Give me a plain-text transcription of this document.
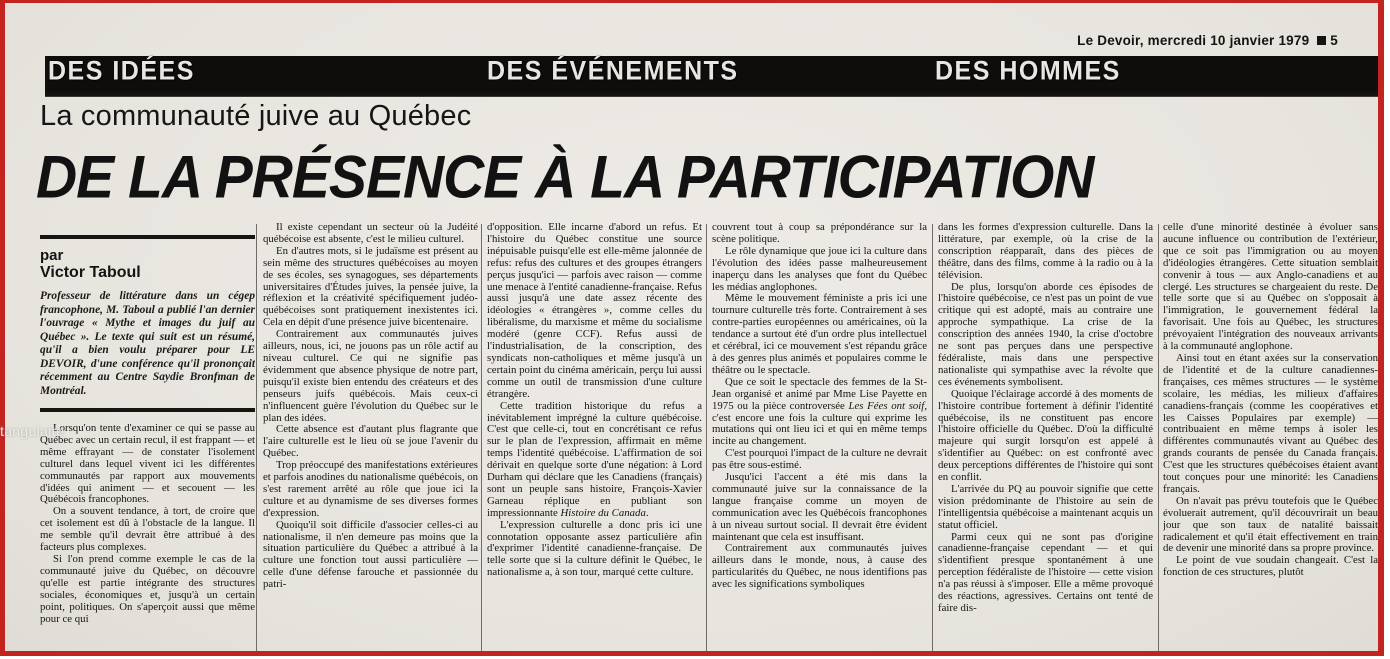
Le Devoir, mercredi 10 janvier 1979 5
DES IDÉES	DES ÉVÉNEMENTS	DES HOMMES
La communauté juive au Québec
DE LA PRÉSENCE À LA PARTICIPATION
par
Victor Taboul
Professeur de littérature dans un cégep francophone, M. Taboul a publié l'an dernier l'ouvrage « Mythe et images du juif au Québec ». Le texte qui suit est un résumé, qu'il a bien voulu préparer pour LE DEVOIR, d'une conférence qu'il prononçait récemment au Centre Saydie Bronfman de Montréal.

Lorsqu'on tente d'examiner ce qui se passe au Québec avec un certain recul, il est frappant — et même effrayant — de constater l'isolement culturel dans lequel vivent ici les différentes communautés par rapport aux mouvements d'idées qui animent — et secouent — les Québécois francophones.

On a souvent tendance, à tort, de croire que cet isolement est dû à l'obstacle de la langue. Il me semble qu'il devrait être attribué à des facteurs plus complexes.

Si l'on prend comme exemple le cas de la communauté juive du Québec, on découvre qu'elle est partie intégrante des structures sociales, économiques et, jusqu'à un certain point, politiques. On s'aperçoit aussi que même pour ce qui

Il existe cependant un secteur où la Judéité québécoise est absente, c'est le milieu culturel.

En d'autres mots, si le judaïsme est présent au sein même des structures québécoises au moyen de ses écoles, ses synagogues, ses départements universitaires d'Études juives, la pensée juive, la réflexion et la créativité spécifiquement judéo-québécoises sont pratiquement inexistentes ici. Cela en dépit d'une présence juive bicentenaire.

Contrairement aux communautés juives ailleurs, nous, ici, ne jouons pas un rôle actif au niveau culturel. Ce qui ne signifie pas évidemment que absence physique de notre part, puisqu'il existe bien entendu des créateurs et des penseurs juifs québécois. Mais ceux-ci n'influencent guère l'évolution du Québec sur le plan des idées.

Cette absence est d'autant plus flagrante que l'aire culturelle est le lieu où se joue l'avenir du Québec.

Trop préoccupé des manifestations extérieures et parfois anodines du nationalisme québécois, on s'est rarement arrêté au rôle que joue ici la culture et au dynamisme de ses diverses formes d'expression.

Quoiqu'il soit difficile d'associer celles-ci au nationalisme, il n'en demeure pas moins que la situation particulière du Québec a attribué à la culture une fonction tout aussi particulière — celle d'une défense farouche et passionnée du patri-

d'opposition. Elle incarne d'abord un refus. Et l'histoire du Québec constitue une source inépuisable puisqu'elle est elle-même jalonnée de refus: refus des cultures et des groupes étrangers perçus jusqu'ici — parfois avec raison — comme une menace à l'entité canadienne-française. Refus aussi jusqu'à une date assez récente des idéologies « étrangères », comme celles du libéralisme, du marxisme et même du socialisme modéré (genre CCF). Refus aussi de l'industrialisation, de la conscription, des syndicats non-catholiques et même jusqu'à un certain point du cinéma américain, perçu lui aussi comme un outil de transmission d'une culture étrangère.

Cette tradition historique du refus a inévitablement imprégné la culture québécoise. C'est que celle-ci, tout en concrétisant ce refus sur le plan de l'expression, affirmait en même temps l'identité québécoise. L'affirmation de soi dérivait en quelque sorte d'une négation: à Lord Durham qui déclare que les Canadiens (français) sont un peuple sans histoire, François-Xavier Garneau réplique en publiant son impressionnante Histoire du Canada.

L'expression culturelle a donc pris ici une connotation opposante assez particulière afin d'exprimer l'identité canadienne-française. De telle sorte que si la culture définit le Québec, le nationalisme a, à son tour, marqué cette culture.

couvrent tout à coup sa prépondérance sur la scène politique.

Le rôle dynamique que joue ici la culture dans l'évolution des idées passe malheureusement inaperçu dans les analyses que font du Québec les médias anglophones.

Même le mouvement féministe a pris ici une tournure culturelle très forte. Contrairement à ses contre-parties européennes ou américaines, où la tendance a surtout été d'un ordre plus intellectuel et cérébral, ici ce mouvement s'est répandu grâce à des genres plus animés et populaires comme le théâtre ou le spectacle.

Que ce soit le spectacle des femmes de la St-Jean organisé et animé par Mme Lise Payette en 1975 ou la pièce controversée Les Fées ont soif, c'est encore une fois la culture qui exprime les mutations qui ont lieu ici et qui en même temps incite au changement.

C'est pourquoi l'impact de la culture ne devrait pas être sous-estimé.

Jusqu'ici l'accent a été mis dans la communauté juive sur la connaissance de la langue française comme un moyen de communication avec les Québécois francophones à un niveau surtout social. Il devrait être évident maintenant que cela est insuffisant.

Contrairement aux communautés juives ailleurs dans le monde, nous, à cause des particularités du Québec, ne nous identifions pas avec les significations symboliques

dans les formes d'expression culturelle. Dans la littérature, par exemple, où la crise de la conscription réapparaît, dans des pièces de théâtre, dans des films, comme à la radio ou à la télévision.

De plus, lorsqu'on aborde ces épisodes de l'histoire québécoise, ce n'est pas un point de vue critique qui est adopté, mais au contraire une approche sympathique. La crise de la conscription des années 1940, la crise d'octobre ne sont pas perçues dans une perspective fédéraliste, mais dans une perspective nationaliste qui sympathise avec la révolte que ces événements symbolisent.

Quoique l'éclairage accordé à des moments de l'histoire contribue fortement à définir l'identité québécoise, ils ne constituent pas encore l'histoire officielle du Québec. D'où la difficulté majeure qui surgit lorsqu'on est appelé à s'identifier au Québec: on est confronté avec deux perceptions différentes de l'histoire qui sont en conflit.

L'arrivée du PQ au pouvoir signifie que cette vision prédominante de l'histoire au sein de l'intelligentsia québécoise a maintenant acquis un statut officiel.

Parmi ceux qui ne sont pas d'origine canadienne-française cependant — et qui s'identifient presque spontanément à une perception fédéraliste de l'histoire — cette vision n'a pas réussi à s'imposer. Elle a même provoqué des réactions, agressives. Certains ont tenté de faire dis-

celle d'une minorité destinée à évoluer sans aucune influence ou contribution de l'extérieur, que ce soit pas l'immigration ou au moyen d'idéologies étrangères. Cette situation semblait convenir à tous — aux Anglo-canadiens et au clergé. Les structures se chargeaient du reste. De telle sorte que si au Québec on s'opposait à l'immigration, le gouvernement fédéral la favorisait. Une fois au Québec, les structures prévoyaient l'intégration des nouveaux arrivants à la communauté anglophone.

Ainsi tout en étant axées sur la conservation de l'identité et de la culture canadiennes-françaises, ces mêmes structures — le système scolaire, les médias, les milieux d'affaires canadiens-français (comme les coopératives et les Caisses Populaires par exemple) — contribuaient en même temps à isoler les différentes communautés vivant au Québec des grands courants de pensée du Canada français. C'est que les structures québécoises étaient avant tout conçues pour une minorité: les Canadiens français.

On n'avait pas prévu toutefois que le Québec évoluerait autrement, qu'il découvrirait un beau jour que son taux de natalité baissait radicalement et qu'il était effectivement en train de devenir une minorité dans sa propre province.

Le point de vue soudain changeait. C'est la fonction de ces structures, plutôt

tangulaire
